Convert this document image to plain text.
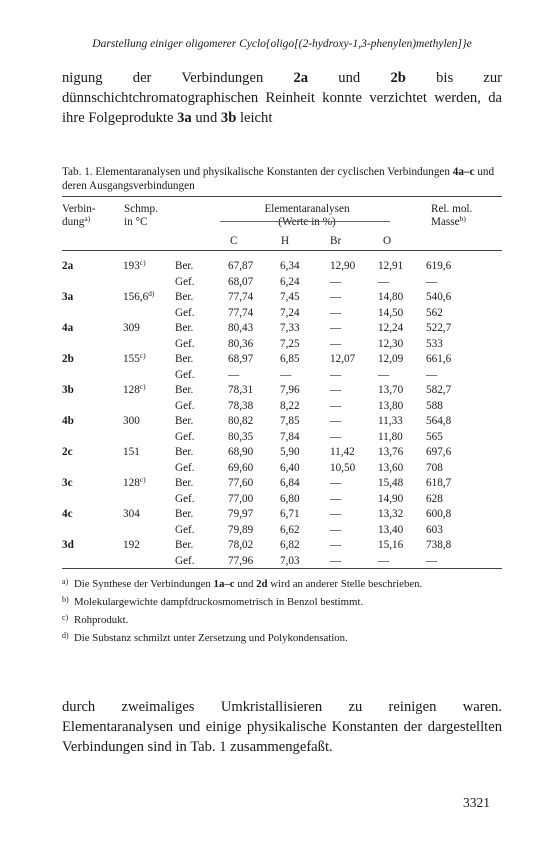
Darstellung einiger oligomerer Cyclo{oligo[(2-hydroxy-1,3-phenylen)methylen]}e
nigung der Verbindungen 2a und 2b bis zur dünnschichtchromatographischen Reinheit konnte verzichtet werden, da ihre Folgeprodukte 3a und 3b leicht
Tab. 1. Elementaranalysen und physikalische Konstanten der cyclischen Verbindungen 4a–c und deren Ausgangsverbindungen
Verbin-
dung$^{a)}$
Schmp.
in °C
Elementaranalysen
(Werte in %)
C	H	Br	O
Rel. mol.
Masse$^{b)}$
2a	193$^{c)}$	Ber.	67,87	6,34	12,90	12,91	619,6
		Gef.	68,07	6,24	—	—	—
3a	156,6$^{d)}$	Ber.	77,74	7,45	—	14,80	540,6
		Gef.	77,74	7,24	—	14,50	562
4a	309	Ber.	80,43	7,33	—	12,24	522,7
		Gef.	80,36	7,25	—	12,30	533
2b	155$^{c)}$	Ber.	68,97	6,85	12,07	12,09	661,6
		Gef.	—	—	—	—	—
3b	128$^{c)}$	Ber.	78,31	7,96	—	13,70	582,7
		Gef.	78,38	8,22	—	13,80	588
4b	300	Ber.	80,82	7,85	—	11,33	564,8
		Gef.	80,35	7,84	—	11,80	565
2c	151	Ber.	68,90	5,90	11,42	13,76	697,6
		Gef.	69,60	6,40	10,50	13,60	708
3c	128$^{c)}$	Ber.	77,60	6,84	—	15,48	618,7
		Gef.	77,00	6,80	—	14,90	628
4c	304	Ber.	79,97	6,71	—	13,32	600,8
		Gef.	79,89	6,62	—	13,40	603
3d	192	Ber.	78,02	6,82	—	15,16	738,8
		Gef.	77,96	7,03	—	—	—
a) Die Synthese der Verbindungen 1a–c und 2d wird an anderer Stelle beschrieben.
b) Molekulargewichte dampfdruckosmometrisch in Benzol bestimmt.
c) Rohprodukt.
d) Die Substanz schmilzt unter Zersetzung und Polykondensation.
durch zweimaliges Umkristallisieren zu reinigen waren. Elementaranalysen und einige physikalische Konstanten der dargestellten Verbindungen sind in Tab. 1 zusammengefaßt.
3321
